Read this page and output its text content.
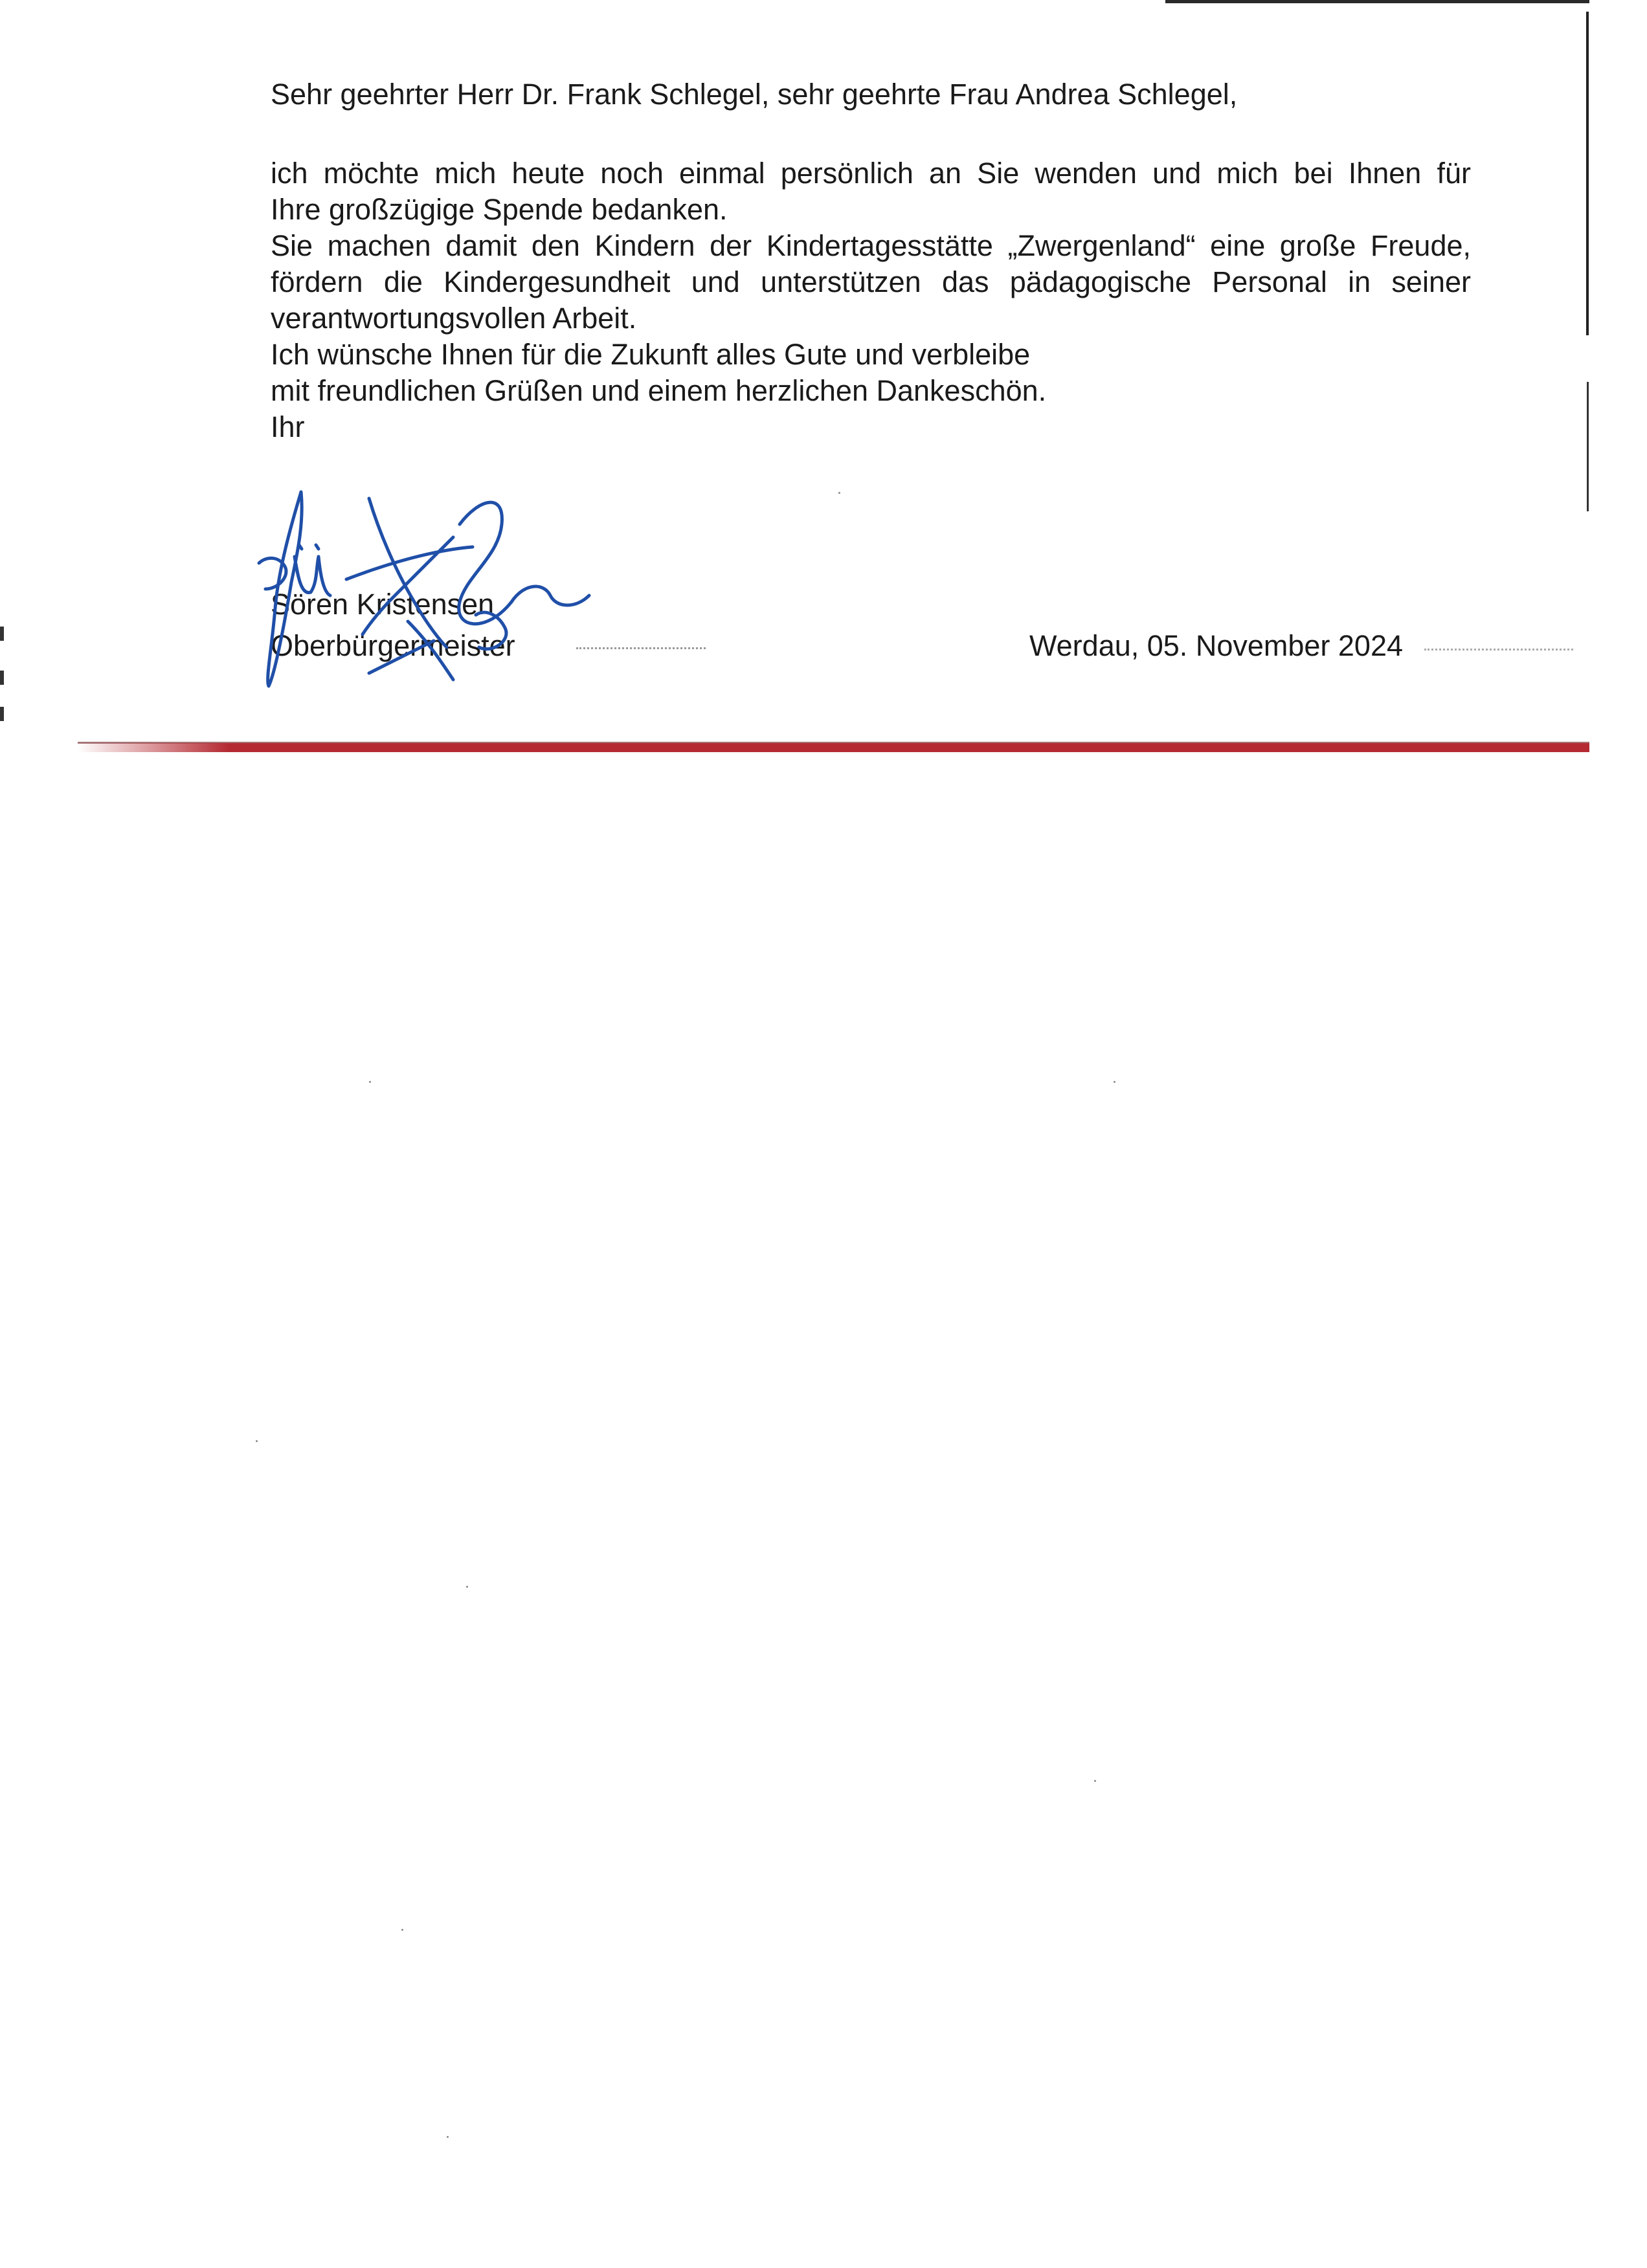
Sehr geehrter Herr Dr. Frank Schlegel, sehr geehrte Frau Andrea Schlegel,
ich möchte mich heute noch einmal persönlich an Sie wenden und mich bei Ihnen für
Ihre großzügige Spende bedanken.
Sie machen damit den Kindern der Kindertagesstätte „Zwergenland“ eine große Freude,
fördern die Kindergesundheit und unterstützen das pädagogische Personal in seiner
verantwortungsvollen Arbeit.
Ich wünsche Ihnen für die Zukunft alles Gute und verbleibe
mit freundlichen Grüßen und einem herzlichen Dankeschön.
Ihr
Sören Kristensen
Oberbürgermeister	Werdau, 05. November 2024
